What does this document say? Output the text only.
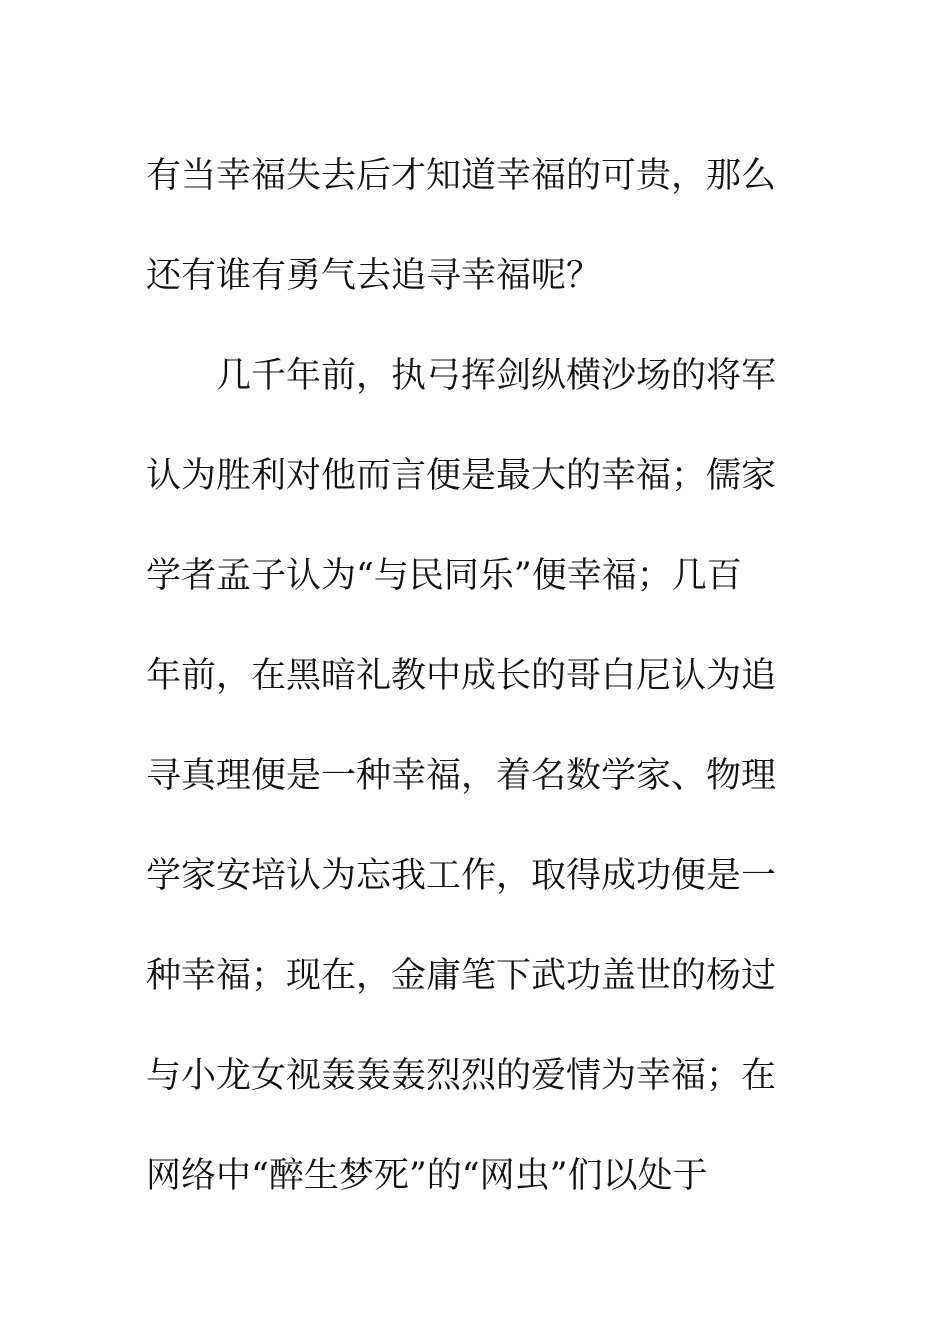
有当幸福失去后才知道幸福的可贵，那么
还有谁有勇气去追寻幸福呢？
几千年前，执弓挥剑纵横沙场的将军
认为胜利对他而言便是最大的幸福；儒家
学者孟子认为“与民同乐”便幸福；几百
年前，在黑暗礼教中成长的哥白尼认为追
寻真理便是一种幸福，着名数学家、物理
学家安培认为忘我工作，取得成功便是一
种幸福；现在，金庸笔下武功盖世的杨过
与小龙女视轰轰轰烈烈的爱情为幸福；在
网络中“醉生梦死”的“网虫”们以处于
